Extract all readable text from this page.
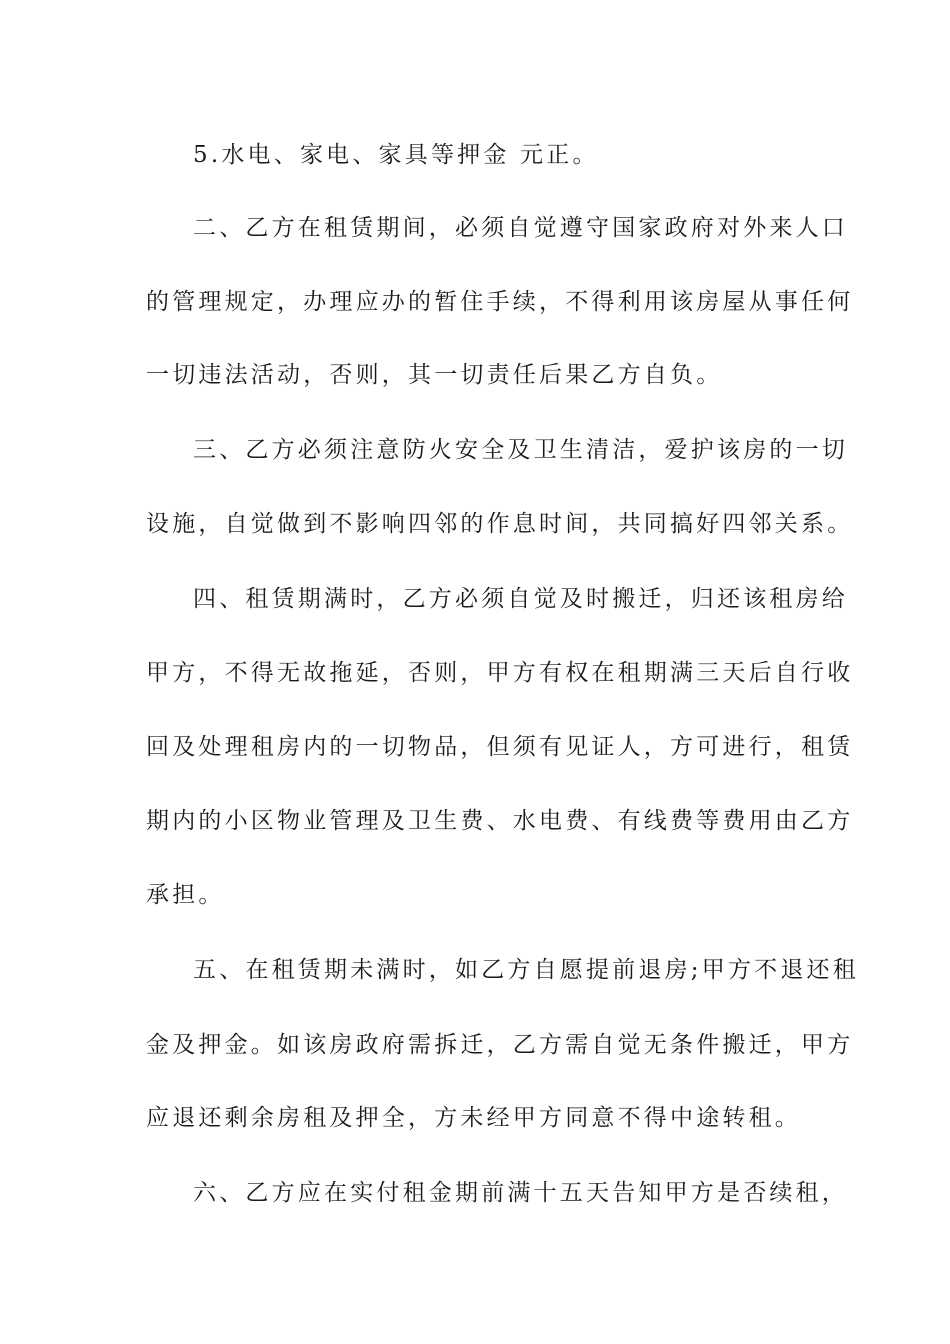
5.水电、家电、家具等押金 元正。

二、乙方在租赁期间，必须自觉遵守国家政府对外来人口

的管理规定，办理应办的暂住手续，不得利用该房屋从事任何

一切违法活动，否则，其一切责任后果乙方自负。

三、乙方必须注意防火安全及卫生清洁，爱护该房的一切

设施，自觉做到不影响四邻的作息时间，共同搞好四邻关系。

四、租赁期满时，乙方必须自觉及时搬迁，归还该租房给

甲方，不得无故拖延，否则，甲方有权在租期满三天后自行收

回及处理租房内的一切物品，但须有见证人，方可进行，租赁

期内的小区物业管理及卫生费、水电费、有线费等费用由乙方

承担。

五、在租赁期未满时，如乙方自愿提前退房;甲方不退还租

金及押金。如该房政府需拆迁，乙方需自觉无条件搬迁，甲方

应退还剩余房租及押全，方未经甲方同意不得中途转租。

六、乙方应在实付租金期前满十五天告知甲方是否续租，
